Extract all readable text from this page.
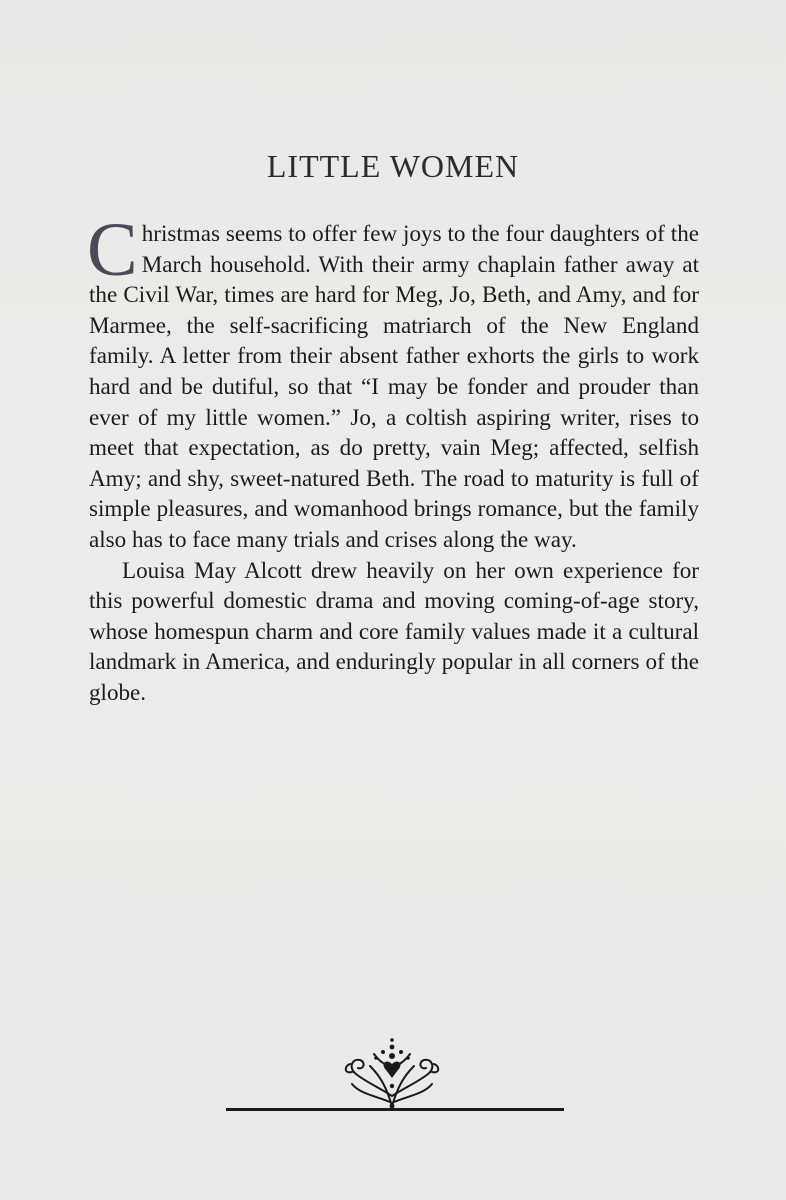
LITTLE WOMEN

Christmas seems to offer few joys to the four daughters of the March household. With their army chaplain father away at the Civil War, times are hard for Meg, Jo, Beth, and Amy, and for Marmee, the self-sacrificing matriarch of the New England family. A letter from their absent father exhorts the girls to work hard and be dutiful, so that “I may be fonder and prouder than ever of my little women.” Jo, a coltish aspiring writer, rises to meet that expectation, as do pretty, vain Meg; affected, selfish Amy; and shy, sweet-natured Beth. The road to maturity is full of simple pleasures, and womanhood brings romance, but the family also has to face many trials and crises along the way.

Louisa May Alcott drew heavily on her own experience for this powerful domestic drama and moving coming-of-age story, whose homespun charm and core family values made it a cultural landmark in America, and enduringly popular in all corners of the globe.
